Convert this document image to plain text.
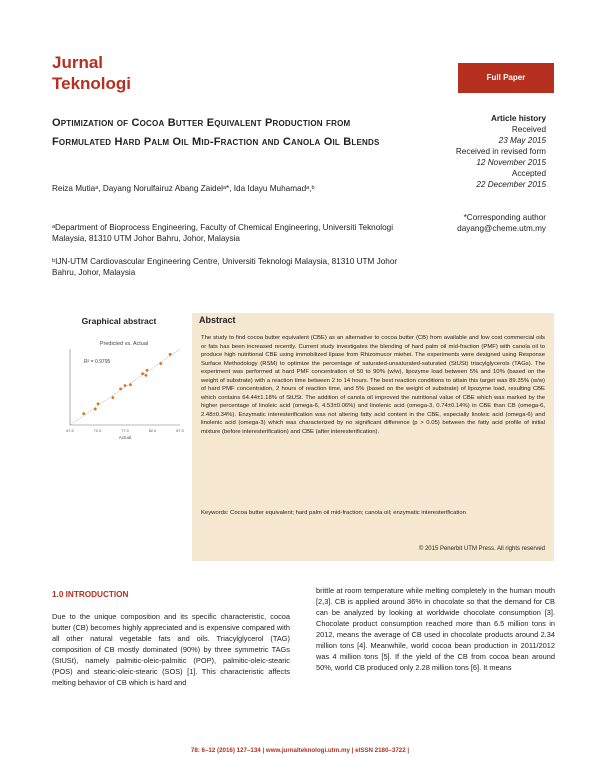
Jurnal
Teknologi	Full Paper
Optimization of Cocoa Butter Equivalent Production from Formulated Hard Palm Oil Mid-Fraction and Canola Oil Blends
Reiza Mutiaᵃ, Dayang Norulfairuz Abang Zaidelᵃ*, Ida Idayu Muhamadᵃ,ᵇ
ᵃDepartment of Bioprocess Engineering, Faculty of Chemical Engineering, Universiti Teknologi Malaysia, 81310 UTM Johor Bahru, Johor, Malaysia
ᵇIJN-UTM Cardiovascular Engineering Centre, Universiti Teknologi Malaysia, 81310 UTM Johor Bahru, Johor, Malaysia
Article history
Received
23 May 2015
Received in revised form
12 November 2015
Accepted
22 December 2015
*Corresponding author
dayang@cheme.utm.my
Graphical abstract
Predicted vs. Actual
R² = 0.9795
67.0	72.0	77.0	82.0	87.0
Actual
Abstract
The study to find cocoa butter equivalent (CBE) as an alternative to cocoa butter (CB) from available and low cost commercial oils or fats has been increased recently. Current study investigates the blending of hard palm oil mid-fraction (PMF) with canola oil to produce high nutritional CBE using immobilized lipase from Rhizomucor miehei. The experiments were designed using Response Surface Methodology (RSM) to optimize the percentage of saturated-unsaturated-saturated (StUSt) triacylglycerols (TAGs). The experiment was performed at hard PMF concentration of 50 to 90% (w/w), lipozyme load between 5% and 10% (based on the weight of substrate) with a reaction time between 2 to 14 hours. The best reaction conditions to attain this target was 89.35% (w/w) of hard PMF concentration, 2 hours of reaction time, and 5% (based on the weight of substrate) of lipozyme load, resulting CBE which contains 64.44±1.18% of StUSt. The addition of canola oil improved the nutritional value of CBE which was marked by the higher percentage of linoleic acid (omega-6, 4.53±0.06%) and linolenic acid (omega-3, 0.74±0.14%) in CBE than CB (omega-6, 2.48±0.34%). Enzymatic interesterification was not altering fatty acid content in the CBE, especially linoleic acid (omega-6) and linolenic acid (omega-3) which was characterized by no significant difference (p > 0.05) between the fatty acid profile of initial mixture (before interesterification) and CBE (after interesterification).
Keywords: Cocoa butter equivalent; hard palm oil mid-fraction; canola oil; enzymatic interesterification
© 2015 Penerbit UTM Press. All rights reserved
1.0 INTRODUCTION
Due to the unique composition and its specific characteristic, cocoa butter (CB) becomes highly appreciated and is expensive compared with all other natural vegetable fats and oils. Triacylglycerol (TAG) composition of CB mostly dominated (90%) by three symmetric TAGs (StUSt), namely palmitic-oleic-palmitic (POP), palmitic-oleic-stearic (POS) and stearic-oleic-stearic (SOS) [1]. This characteristic affects melting behavior of CB which is hard and
brittle at room temperature while melting completely in the human mouth [2,3]. CB is applied around 36% in chocolate so that the demand for CB can be analyzed by looking at worldwide chocolate consumption [3]. Chocolate product consumption reached more than 6.5 million tons in 2012, means the average of CB used in chocolate products around 2.34 million tons [4]. Meanwhile, world cocoa bean production in 2011/2012 was 4 million tons [5]. If the yield of the CB from cocoa bean around 50%, world CB produced only 2.28 million tons [6]. It means
78: 6–12 (2016) 127–134 | www.jurnalteknologi.utm.my | eISSN 2180–3722 |
